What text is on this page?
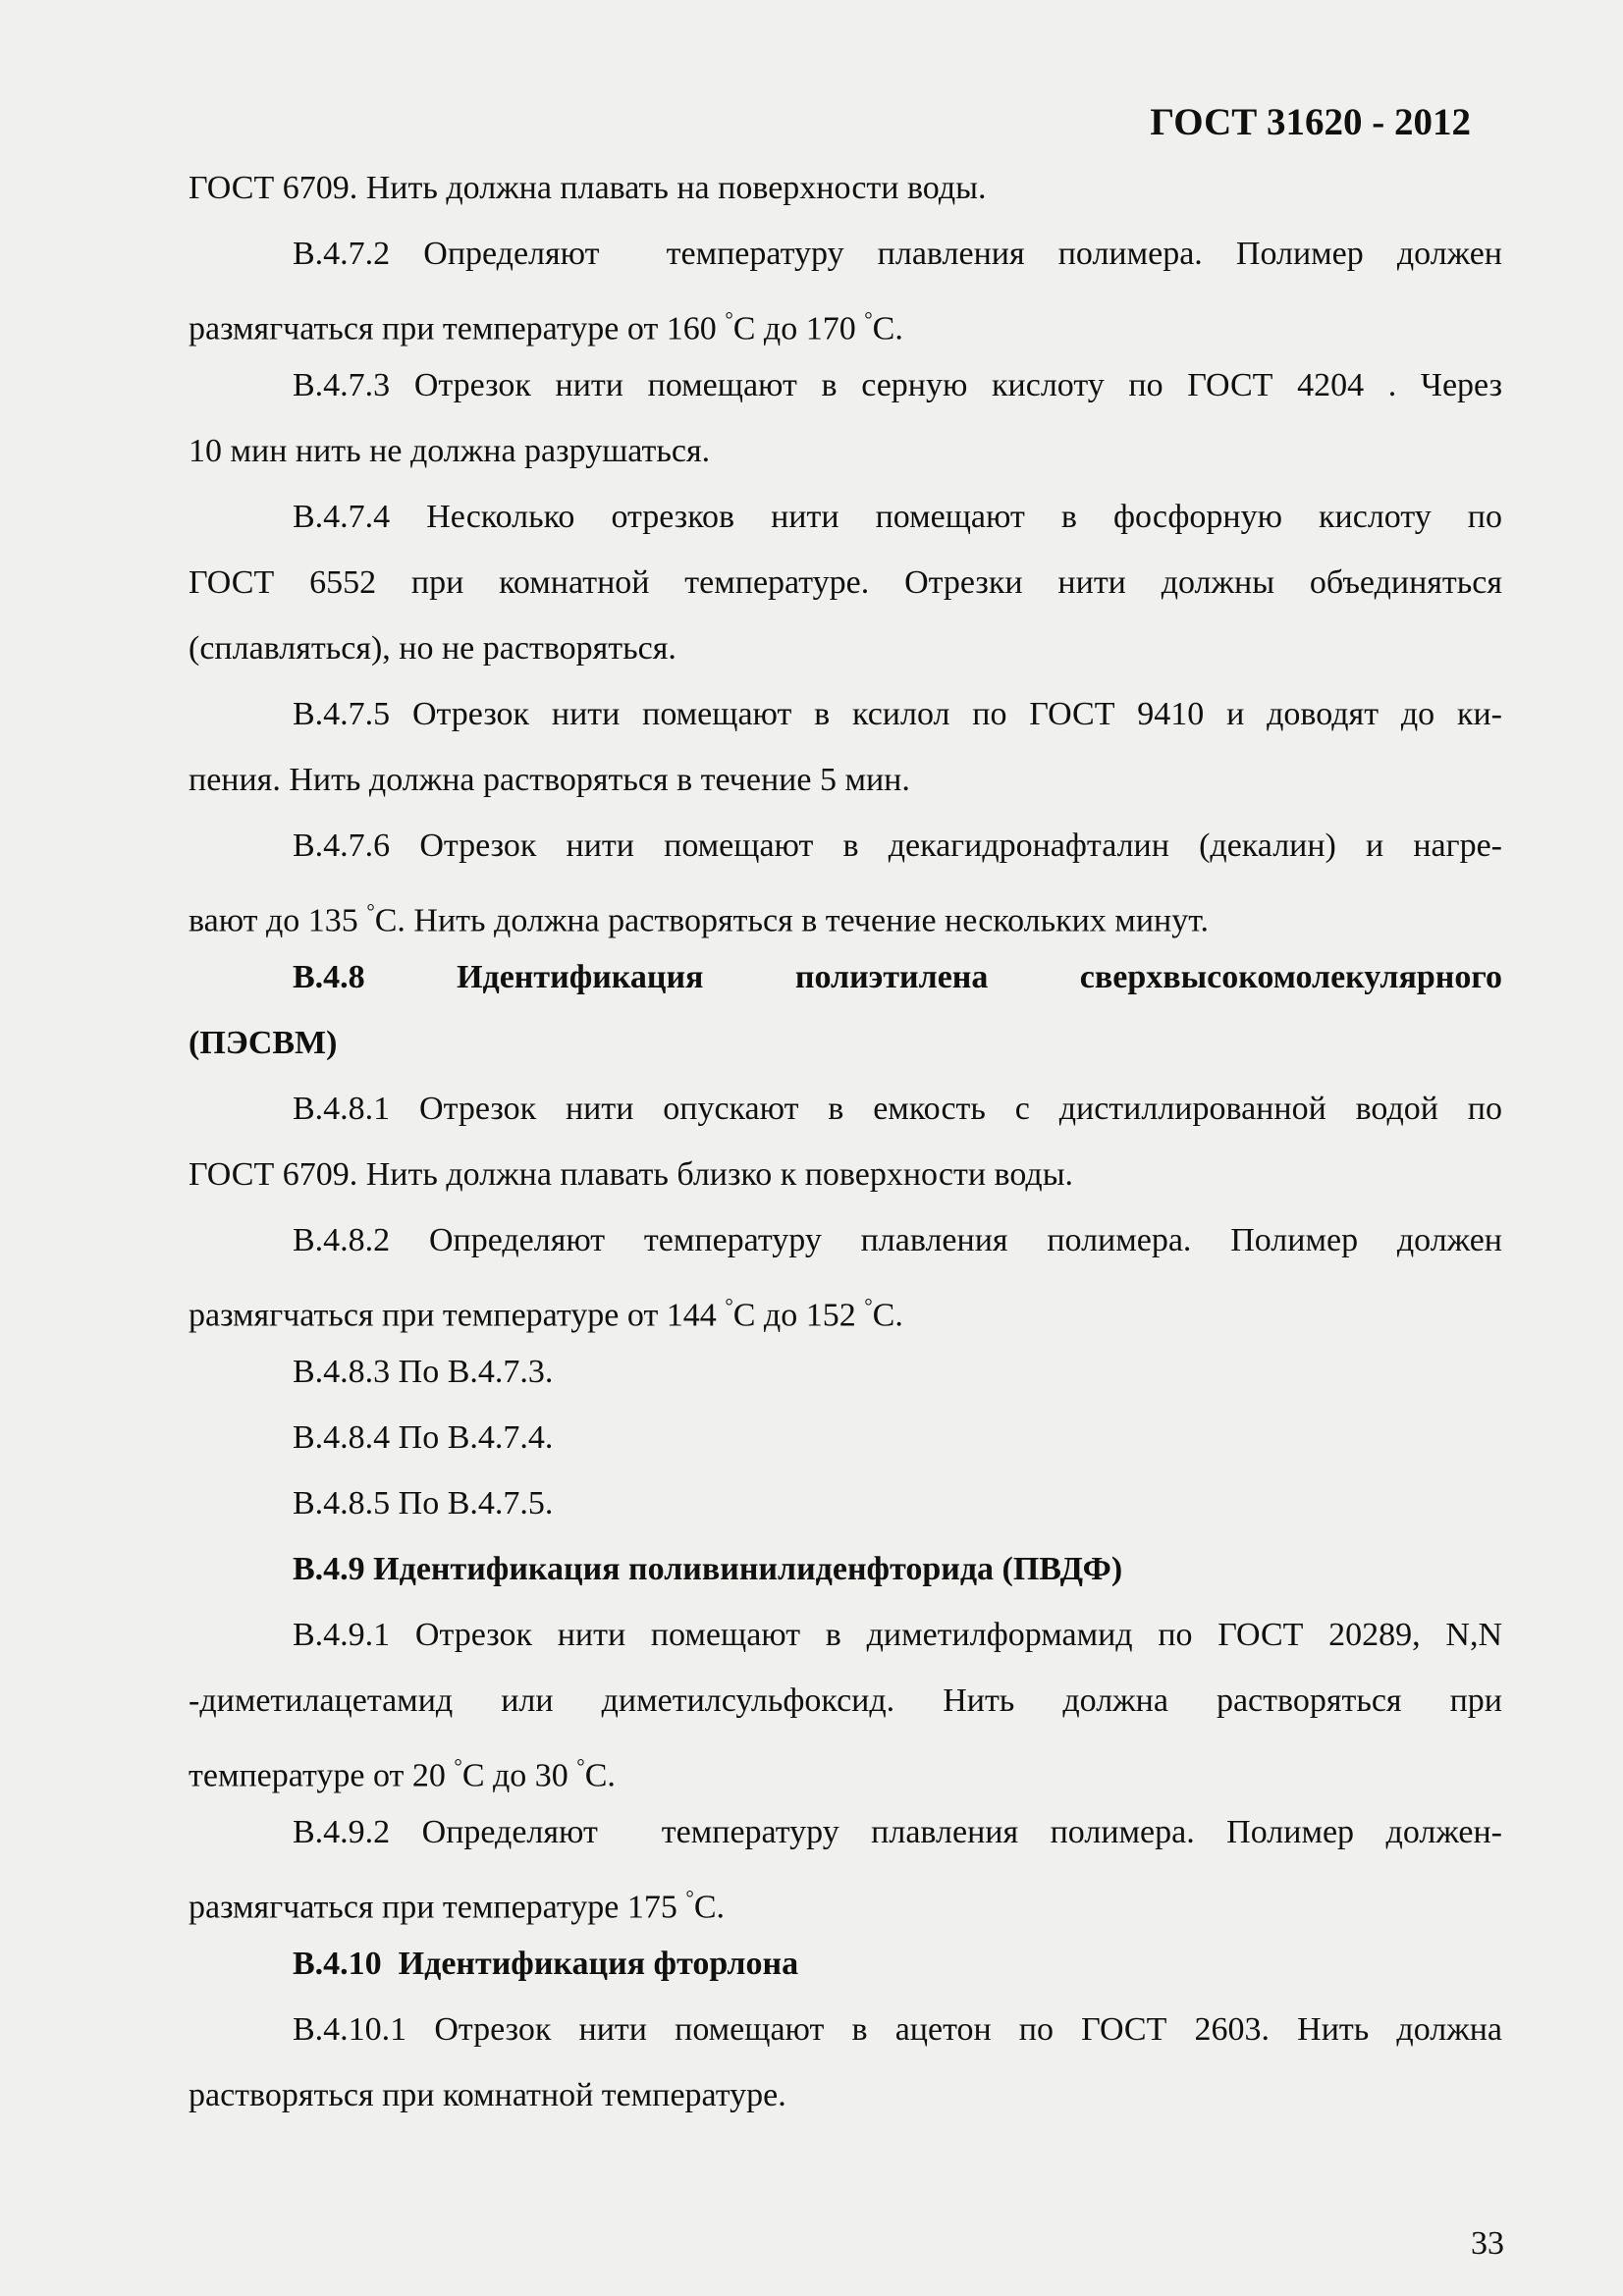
ГОСТ 31620 - 2012
ГОСТ 6709. Нить должна плавать на поверхности воды.
В.4.7.2 Определяют  температуру плавления полимера. Полимер должен
размягчаться при температуре от 160 °С до 170 °С.
В.4.7.3 Отрезок нити помещают в серную кислоту по ГОСТ 4204 . Через
10 мин нить не должна разрушаться.
В.4.7.4 Несколько отрезков нити помещают в фосфорную кислоту по
ГОСТ 6552 при комнатной температуре. Отрезки нити должны объединяться
(сплавляться), но не растворяться.
В.4.7.5 Отрезок нити помещают в ксилол по ГОСТ 9410 и доводят до ки-
пения. Нить должна растворяться в течение 5 мин.
В.4.7.6 Отрезок нити помещают в декагидронафталин (декалин) и нагре-
вают до 135 °С. Нить должна растворяться в течение нескольких минут.
В.4.8 Идентификация полиэтилена сверхвысокомолекулярного
(ПЭСВМ)
В.4.8.1 Отрезок нити опускают в емкость с дистиллированной водой по
ГОСТ 6709. Нить должна плавать близко к поверхности воды.
В.4.8.2 Определяют температуру плавления полимера. Полимер должен
размягчаться при температуре от 144 °С до 152 °С.
В.4.8.3 По В.4.7.3.
В.4.8.4 По В.4.7.4.
В.4.8.5 По В.4.7.5.
В.4.9 Идентификация поливинилиденфторида (ПВДФ)
В.4.9.1 Отрезок нити помещают в диметилформамид по ГОСТ 20289, N,N
-диметилацетамид или диметилсульфоксид. Нить должна растворяться при
температуре от 20 °С до 30 °С.
В.4.9.2 Определяют  температуру плавления полимера. Полимер должен-
размягчаться при температуре 175 °С.
В.4.10  Идентификация фторлона
В.4.10.1 Отрезок нити помещают в ацетон по ГОСТ 2603. Нить должна
растворяться при комнатной температуре.
33
